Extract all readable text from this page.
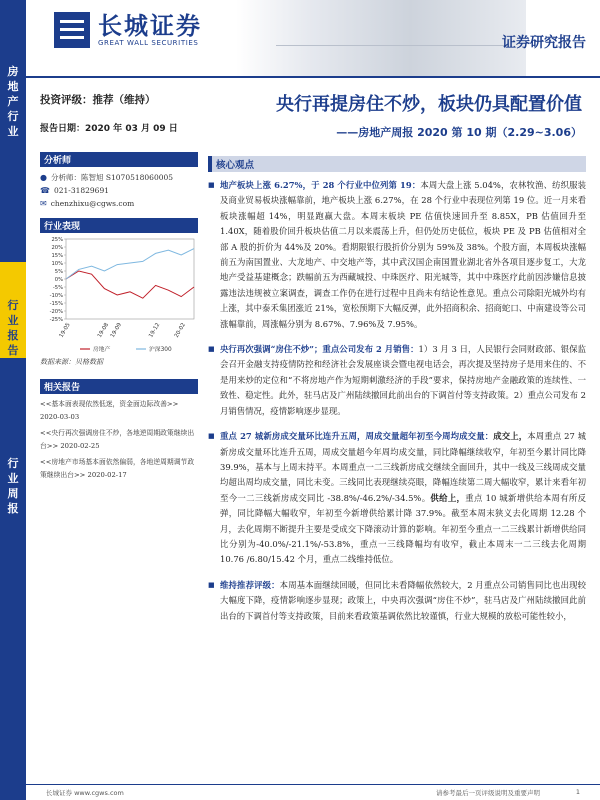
房
地
产
行
业
行
业
报
告
行
业
周
报
长城证券
GREAT WALL SECURITIES	证券研究报告
投资评级：推荐（维持）
报告日期：2020 年 03 月 09 日
分析师
● 分析师：陈智旭 S1070518060005
☎ 021-31829691
✉ chenzhixu@cgws.com
行业表现
25%
20%
15%
10%
5%
0%
-5%
-10%
-15%
-20%
-25%
19-05	19-08 19-09	19-12 20-02
房地产	沪深300
数据来源：贝格数据
相关报告
<<基本面表现依然低迷，资金面边际改善>> 2020-03-03
<<央行再次强调房住不炒，各地逆周期政策继续出台>> 2020-02-25
<<房地产市场基本面依然偏弱，各地逆周期调节政策继续出台>> 2020-02-17
央行再提房住不炒，板块仍具配置价值
——房地产周报 2020 第 10 期（2.29~3.06）
核心观点
■ 地产板块上涨 6.27%，于 28 个行业中位列第 19：本周大盘上涨 5.04%，农林牧渔、纺织服装及商业贸易板块涨幅靠前，地产板块上涨 6.27%，在 28 个行业中表现位列第 19 位。近一月来看板块涨幅超 14%，明显跑赢大盘。本周末板块 PE 估值快速回升至 8.85X，PB 估值回升至 1.40X，随着股价回升板块估值二月以来震荡上升，但仍处历史低位，板块 PE 及 PB 估值相对全部 A 股的折价为 44%及 20%。看期限银行股折价分别为 59%及 38%。个股方面，本周板块涨幅前五为南国置业、大龙地产、中交地产等，其中武汉国企南国置业湖北省外各项目逐步复工，大龙地产受益基建概念；跌幅前五为西藏城投、中珠医疗、阳光城等，其中中珠医疗此前因涉嫌信息披露违法违规被立案调查，调查工作仍在进行过程中且尚未有结论性意见。重点公司除阳光城外均有上涨，其中泰禾集团涨近 21%，宽松预期下大幅反弹，此外招商积余、招商蛇口、中南建设等公司涨幅靠前，周涨幅分别为 8.67%、7.96%及 7.95%。
■ 央行再次强调“房住不炒”；重点公司发布 2 月销售：1）3 月 3 日，人民银行会同财政部、银保监会召开金融支持疫情防控和经济社会发展座谈会暨电视电话会，再次提及坚持房子是用来住的、不是用来炒的定位和“不将房地产作为短期刺激经济的手段”要求，保持房地产金融政策的连续性、一致性、稳定性。此外，驻马店及广州陆续撤回此前出台的下调首付等支持政策。2）重点公司发布 2 月销售情况，疫情影响逐步显现。
■ 重点 27 城新房成交量环比连升五周，周成交量超年初至今周均成交量：成交上，本周重点 27 城新房成交量环比连升五周，周成交量超今年周均成交量，同比降幅继续收窄，年初至今累计同比降 39.9%，基本与上周末持平。本周重点一二三线新房成交继续全面回升，其中一线及三线周成交量均超出周均成交量，同比未变。三线同比表现继续亮眼，降幅连续第二周大幅收窄，累计来看年初至今一二三线新房成交同比 -38.8%/-46.2%/-34.5%。供给上，重点 10 城新增供给本周有所反弹，同比降幅大幅收窄，年初至今新增供给累计降 37.9%。截至本周末狭义去化周期 12.28 个月，去化周期不断提升主要是受成交下降滚动计算的影响。年初至今重点一二三线累计新增供给同比分别为-40.0%/-21.1%/-53.8%，重点一三线降幅均有收窄，截止本周末一二三线去化周期 10.76 /6.80/15.42 个月，重点二线维持低位。
■ 维持推荐评级：本周基本面继续回暖，但同比未看降幅依然较大，2 月重点公司销售同比也出现较大幅度下降，疫情影响逐步显现；政策上，中央再次强调“房住不炒”，驻马店及广州陆续撤回此前出台的下调首付等支持政策，目前来看政策基调依然比较谨慎，行业大规模的放松可能性较小，
长城证券 www.cgws.com	请参考最后一页评级说明及重要声明	1
